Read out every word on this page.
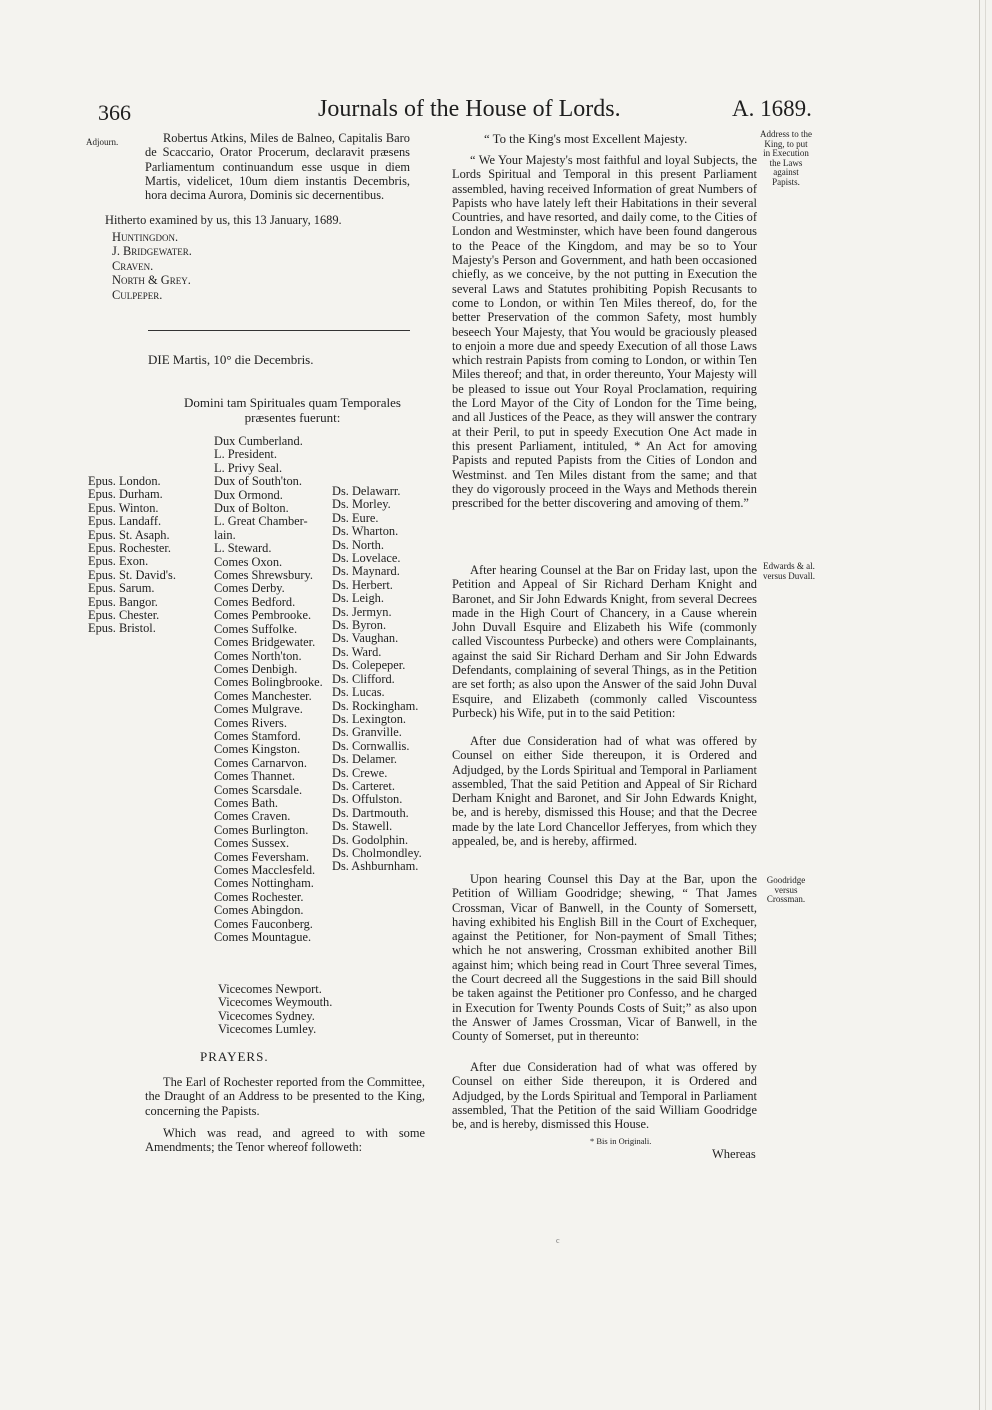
366	Journals of the House of Lords.	A. 1689.
Adjourn.	Robertus Atkins, Miles de Balneo, Capitalis Baro de Scaccario, Orator Procerum, declaravit præsens Parliamentum continuandum esse usque in diem Martis, videlicet, 10um diem instantis Decembris, hora decima Aurora, Dominis sic decernentibus.

Hitherto examined by us, this 13 January, 1689.

Huntingdon.
J. Bridgewater.
Craven.
North & Grey.
Culpeper.

DIE Martis, 10° die Decembris.

Domini tam Spirituales quam Temporales præsentes fuerunt:

Epus. London.
Epus. Durham.
Epus. Winton.
Epus. Landaff.
Epus. St. Asaph.
Epus. Rochester.
Epus. Exon.
Epus. St. David's.
Epus. Sarum.
Epus. Bangor.
Epus. Chester.
Epus. Bristol.
Dux Cumberland.
L. President.
L. Privy Seal.
Dux of South'ton.
Dux Ormond.
Dux of Bolton.
L. Great Chamber-
lain.
L. Steward.
Comes Oxon.
Comes Shrewsbury.
Comes Derby.
Comes Bedford.
Comes Pembrooke.
Comes Suffolke.
Comes Bridgewater.
Comes North'ton.
Comes Denbigh.
Comes Bolingbrooke.
Comes Manchester.
Comes Mulgrave.
Comes Rivers.
Comes Stamford.
Comes Kingston.
Comes Carnarvon.
Comes Thannet.
Comes Scarsdale.
Comes Bath.
Comes Craven.
Comes Burlington.
Comes Sussex.
Comes Feversham.
Comes Macclesfeld.
Comes Nottingham.
Comes Rochester.
Comes Abingdon.
Comes Fauconberg.
Comes Mountague.
Vicecomes Newport.
Vicecomes Weymouth.
Vicecomes Sydney.
Vicecomes Lumley.
Ds. Delawarr.
Ds. Morley.
Ds. Eure.
Ds. Wharton.
Ds. North.
Ds. Lovelace.
Ds. Maynard.
Ds. Herbert.
Ds. Leigh.
Ds. Jermyn.
Ds. Byron.
Ds. Vaughan.
Ds. Ward.
Ds. Colepeper.
Ds. Clifford.
Ds. Lucas.
Ds. Rockingham.
Ds. Lexington.
Ds. Granville.
Ds. Cornwallis.
Ds. Delamer.
Ds. Crewe.
Ds. Carteret.
Ds. Offulston.
Ds. Dartmouth.
Ds. Stawell.
Ds. Godolphin.
Ds. Cholmondley.
Ds. Ashburnham.

PRAYERS.

The Earl of Rochester reported from the Committee, the Draught of an Address to be presented to the King, concerning the Papists.

Which was read, and agreed to with some Amendments; the Tenor whereof followeth:

“ To the King's most Excellent Majesty.	Address to the King, to put in Execution the Laws against Papists.

“ We Your Majesty's most faithful and loyal Subjects, the Lords Spiritual and Temporal in this present Parliament assembled, having received Information of great Numbers of Papists who have lately left their Habitations in their several Countries, and have resorted, and daily come, to the Cities of London and Westminster, which have been found dangerous to the Peace of the Kingdom, and may be so to Your Majesty's Person and Government, and hath been occasioned chiefly, as we conceive, by the not putting in Execution the several Laws and Statutes prohibiting Popish Recusants to come to London, or within Ten Miles thereof, do, for the better Preservation of the common Safety, most humbly beseech Your Majesty, that You would be graciously pleased to enjoin a more due and speedy Execution of all those Laws which restrain Papists from coming to London, or within Ten Miles thereof; and that, in order thereunto, Your Majesty will be pleased to issue out Your Royal Proclamation, requiring the Lord Mayor of the City of London for the Time being, and all Justices of the Peace, as they will answer the contrary at their Peril, to put in speedy Execution One Act made in this present Parliament, intituled, * An Act for amoving Papists and reputed Papists from the Cities of London and Westminst. and Ten Miles distant from the same; and that they do vigorously proceed in the Ways and Methods therein prescribed for the better discovering and amoving of them.”

Edwards & al. versus Duvall.

After hearing Counsel at the Bar on Friday last, upon the Petition and Appeal of Sir Richard Derham Knight and Baronet, and Sir John Edwards Knight, from several Decrees made in the High Court of Chancery, in a Cause wherein John Duvall Esquire and Elizabeth his Wife (commonly called Viscountess Purbecke) and others were Complainants, against the said Sir Richard Derham and Sir John Edwards Defendants, complaining of several Things, as in the Petition are set forth; as also upon the Answer of the said John Duval Esquire, and Elizabeth (commonly called Viscountess Purbeck) his Wife, put in to the said Petition:

After due Consideration had of what was offered by Counsel on either Side thereupon, it is Ordered and Adjudged, by the Lords Spiritual and Temporal in Parliament assembled, That the said Petition and Appeal of Sir Richard Derham Knight and Baronet, and Sir John Edwards Knight, be, and is hereby, dismissed this House; and that the Decree made by the late Lord Chancellor Jefferyes, from which they appealed, be, and is hereby, affirmed.

Goodridge versus Crossman.

Upon hearing Counsel this Day at the Bar, upon the Petition of William Goodridge; shewing, “ That James Crossman, Vicar of Banwell, in the County of Somersett, having exhibited his English Bill in the Court of Exchequer, against the Petitioner, for Non-payment of Small Tithes; which he not answering, Crossman exhibited another Bill against him; which being read in Court Three several Times, the Court decreed all the Suggestions in the said Bill should be taken against the Petitioner pro Confesso, and he charged in Execution for Twenty Pounds Costs of Suit;” as also upon the Answer of James Crossman, Vicar of Banwell, in the County of Somerset, put in thereunto:

After due Consideration had of what was offered by Counsel on either Side thereupon, it is Ordered and Adjudged, by the Lords Spiritual and Temporal in Parliament assembled, That the Petition of the said William Goodridge be, and is hereby, dismissed this House.

* Bis in Originali.
Whereas
c
